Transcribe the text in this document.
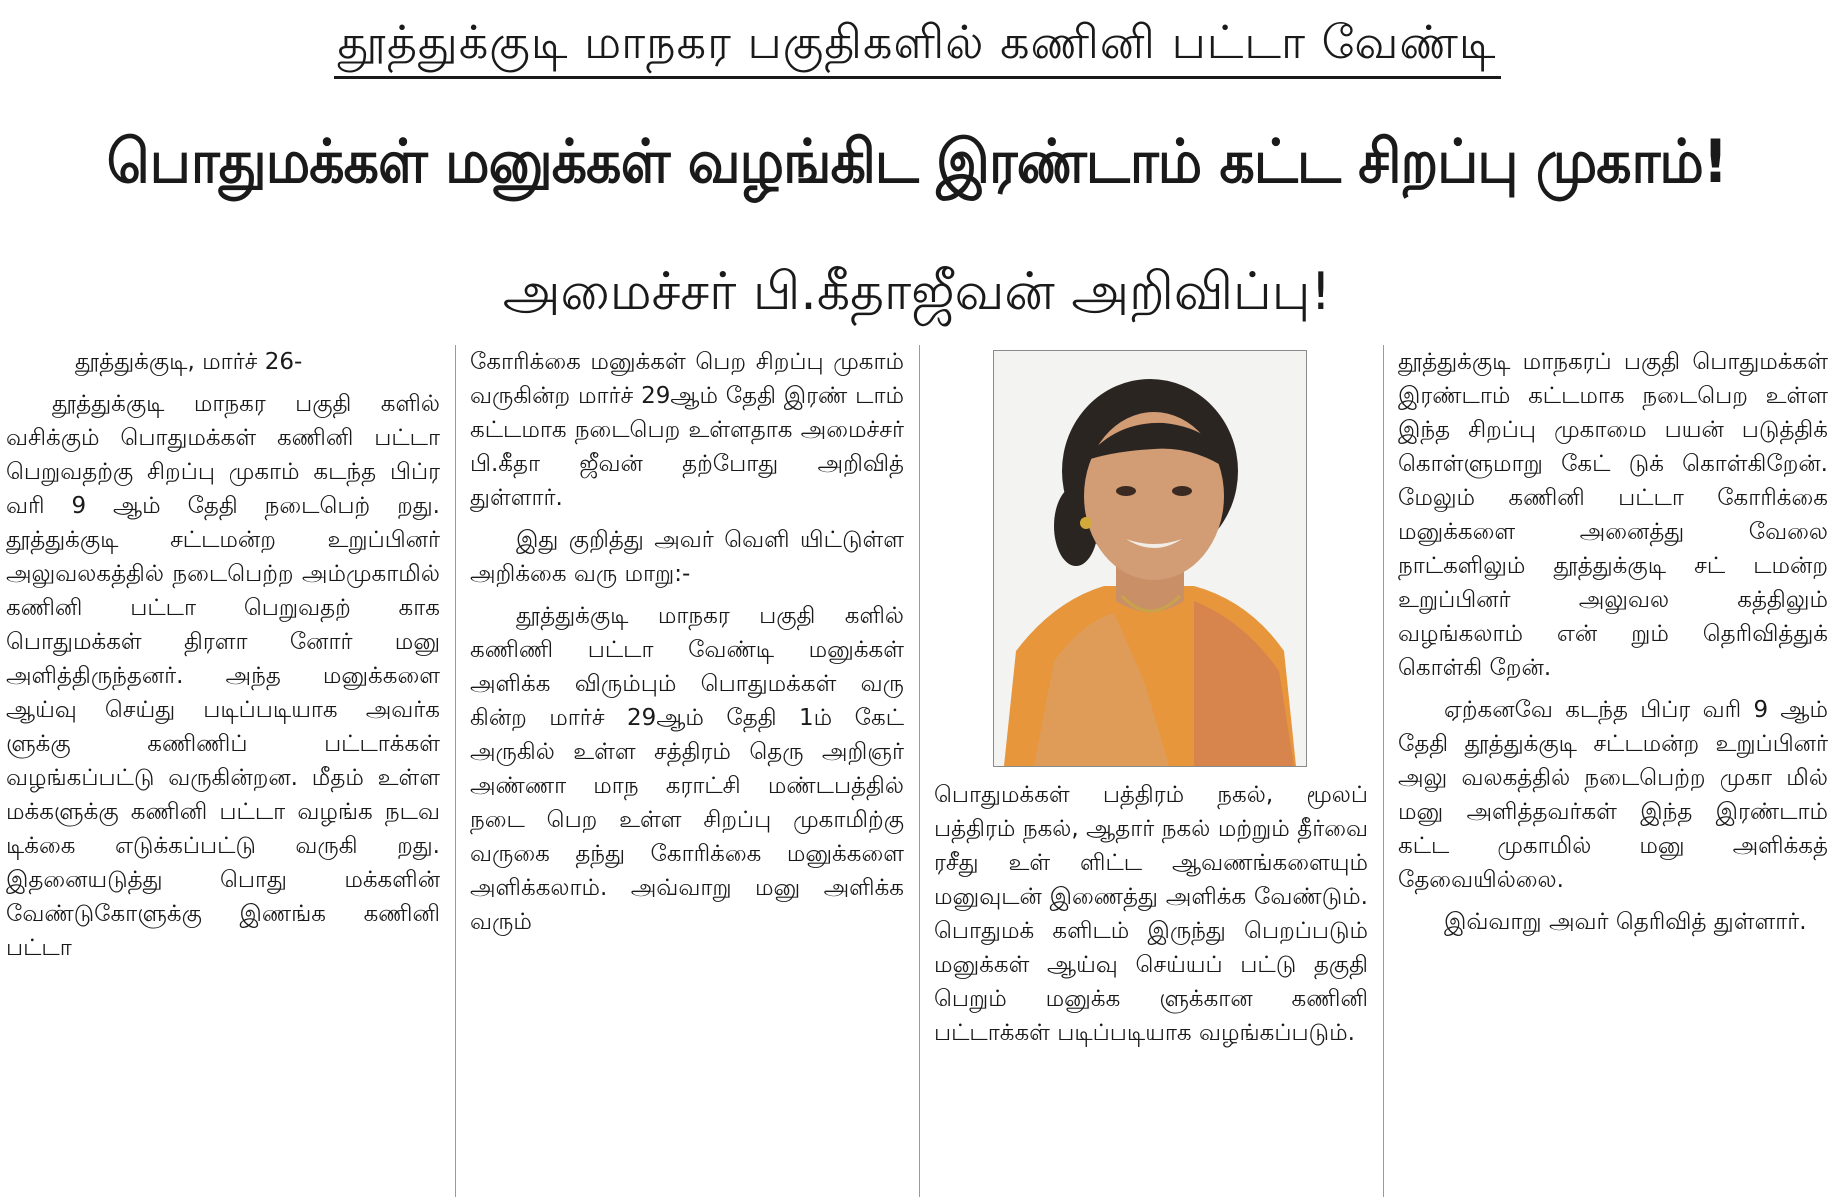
தூத்துக்குடி மாநகர பகுதிகளில் கணினி பட்டா வேண்டி
பொதுமக்கள் மனுக்கள் வழங்கிட இரண்டாம் கட்ட சிறப்பு முகாம்!
அமைச்சர் பி.கீதாஜீவன் அறிவிப்பு!

தூத்துக்குடி, மார்ச் 26-

தூத்துக்குடி மாநகர பகுதி களில் வசிக்கும் பொதுமக்கள் கணினி பட்டா பெறுவதற்கு சிறப்பு முகாம் கடந்த பிப்ர வரி 9 ஆம் தேதி நடைபெற் றது. தூத்துக்குடி சட்டமன்ற உறுப்பினர் அலுவலகத்தில் நடைபெற்ற அம்முகாமில் கணினி பட்டா பெறுவதற் காக பொதுமக்கள் திரளா னோர் மனு அளித்திருந்தனர். அந்த மனுக்களை ஆய்வு செய்து படிப்படியாக அவர்க ளுக்கு கணிணிப் பட்டாக்கள் வழங்கப்பட்டு வருகின்றன. மீதம் உள்ள மக்களுக்கு கணினி பட்டா வழங்க நடவ டிக்கை எடுக்கப்பட்டு வருகி றது. இதனையடுத்து பொது மக்களின் வேண்டுகோளுக்கு இணங்க கணினி பட்டா

கோரிக்கை மனுக்கள் பெற சிறப்பு முகாம் வருகின்ற மார்ச் 29ஆம் தேதி இரண் டாம் கட்டமாக நடைபெற உள்ளதாக அமைச்சர் பி.கீதா ஜீவன் தற்போது அறிவித் துள்ளார்.

இது குறித்து அவர் வெளி யிட்டுள்ள அறிக்கை வரு மாறு:-

தூத்துக்குடி மாநகர பகுதி களில் கணிணி பட்டா வேண்டி மனுக்கள் அளிக்க விரும்பும் பொதுமக்கள் வரு கின்ற மார்ச் 29ஆம் தேதி 1ம் கேட் அருகில் உள்ள சத்திரம் தெரு அறிஞர் அண்ணா மாந கராட்சி மண்டபத்தில் நடை பெற உள்ள சிறப்பு முகாமிற்கு வருகை தந்து கோரிக்கை மனுக்களை அளிக்கலாம். அவ்வாறு மனு அளிக்க வரும்

பொதுமக்கள் பத்திரம் நகல், மூலப் பத்திரம் நகல், ஆதார் நகல் மற்றும் தீர்வை ரசீது உள் ளிட்ட ஆவணங்களையும் மனுவுடன் இணைத்து அளிக்க வேண்டும். பொதுமக் களிடம் இருந்து பெறப்படும் மனுக்கள் ஆய்வு செய்யப் பட்டு தகுதி பெறும் மனுக்க ளுக்கான கணினி பட்டாக்கள் படிப்படியாக வழங்கப்படும்.

தூத்துக்குடி மாநகரப் பகுதி பொதுமக்கள் இரண்டாம் கட்டமாக நடைபெற உள்ள இந்த சிறப்பு முகாமை பயன் படுத்திக் கொள்ளுமாறு கேட் டுக் கொள்கிறேன். மேலும் கணினி பட்டா கோரிக்கை மனுக்களை அனைத்து வேலை நாட்களிலும் தூத்துக்குடி சட் டமன்ற உறுப்பினர் அலுவல கத்திலும் வழங்கலாம் என் றும் தெரிவித்துக் கொள்கி றேன்.

ஏற்கனவே கடந்த பிப்ர வரி 9 ஆம் தேதி தூத்துக்குடி சட்டமன்ற உறுப்பினர் அலு வலகத்தில் நடைபெற்ற முகா மில் மனு அளித்தவர்கள் இந்த இரண்டாம் கட்ட முகாமில் மனு அளிக்கத் தேவையில்லை.

இவ்வாறு அவர் தெரிவித் துள்ளார்.
